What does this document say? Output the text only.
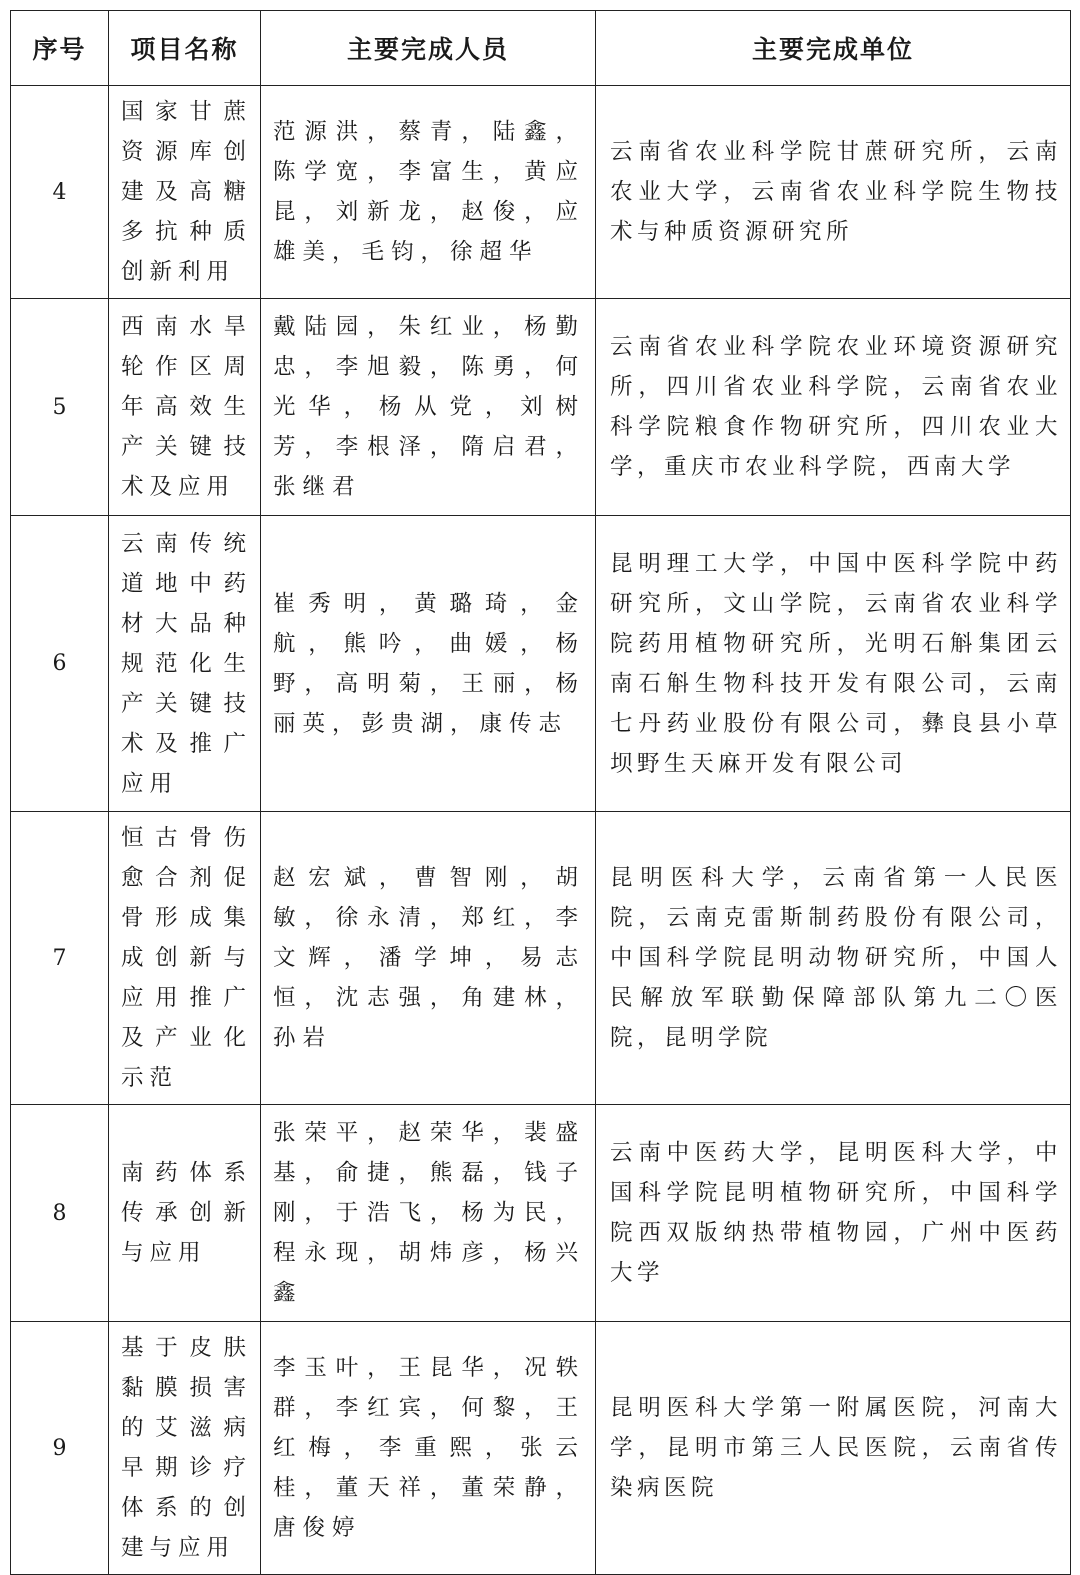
序号	项目名称	主要完成人员	主要完成单位
4	国家甘蔗资源库创建及高糖多抗种质创新利用	范源洪，蔡青，陆鑫，陈学宽，李富生，黄应昆，刘新龙，赵俊，应雄美，毛钧，徐超华	云南省农业科学院甘蔗研究所，云南农业大学，云南省农业科学院生物技术与种质资源研究所
5	西南水旱轮作区周年高效生产关键技术及应用	戴陆园，朱红业，杨勤忠，李旭毅，陈勇，何光华，杨从党，刘树芳，李根泽，隋启君，张继君	云南省农业科学院农业环境资源研究所，四川省农业科学院，云南省农业科学院粮食作物研究所，四川农业大学，重庆市农业科学院，西南大学
6	云南传统道地中药材大品种规范化生产关键技术及推广应用	崔秀明，黄璐琦，金航，熊吟，曲媛，杨野，高明菊，王丽，杨丽英，彭贵湖，康传志	昆明理工大学，中国中医科学院中药研究所，文山学院，云南省农业科学院药用植物研究所，光明石斛集团云南石斛生物科技开发有限公司，云南七丹药业股份有限公司，彝良县小草坝野生天麻开发有限公司
7	恒古骨伤愈合剂促骨形成集成创新与应用推广及产业化示范	赵宏斌，曹智刚，胡敏，徐永清，郑红，李文辉，潘学坤，易志恒，沈志强，角建林，孙岩	昆明医科大学，云南省第一人民医院，云南克雷斯制药股份有限公司，中国科学院昆明动物研究所，中国人民解放军联勤保障部队第九二〇医院，昆明学院
8	南药体系传承创新与应用	张荣平，赵荣华，裴盛基，俞捷，熊磊，钱子刚，于浩飞，杨为民，程永现，胡炜彦，杨兴鑫	云南中医药大学，昆明医科大学，中国科学院昆明植物研究所，中国科学院西双版纳热带植物园，广州中医药大学
9	基于皮肤黏膜损害的艾滋病早期诊疗体系的创建与应用	李玉叶，王昆华，况轶群，李红宾，何黎，王红梅，李重熙，张云桂，董天祥，董荣静，唐俊婷	昆明医科大学第一附属医院，河南大学，昆明市第三人民医院，云南省传染病医院
